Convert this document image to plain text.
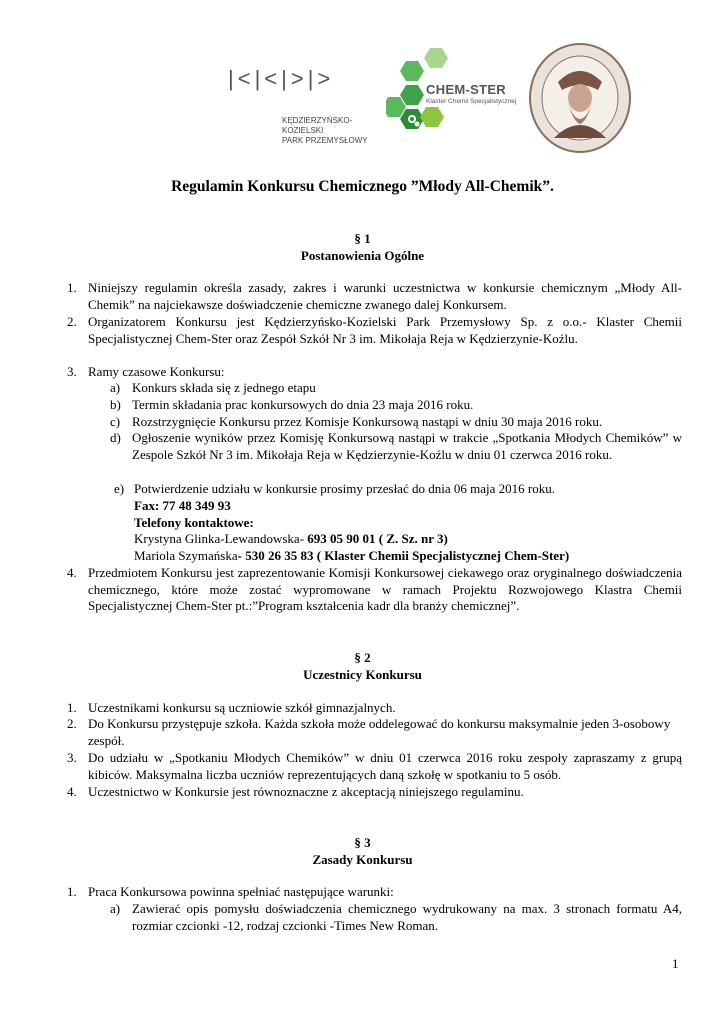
|<|<|>|>
KĘDZIERZYŃSKO-KOZIELSKI
PARK PRZEMYSŁOWY
CHEM-STER
Klaster Chemii Specjalistycznej
Regulamin Konkursu Chemicznego ”Młody All-Chemik”.
§ 1
Postanowienia Ogólne
1. Niniejszy regulamin określa zasady, zakres i warunki uczestnictwa w konkursie chemicznym „Młody All-Chemik” na najciekawsze doświadczenie chemiczne zwanego dalej Konkursem.
2. Organizatorem Konkursu jest Kędzierzyńsko-Kozielski Park Przemysłowy Sp. z o.o.- Klaster Chemii Specjalistycznej Chem-Ster oraz Zespół Szkół Nr 3 im. Mikołaja Reja w Kędzierzynie-Koźlu.
3. Ramy czasowe Konkursu:
a) Konkurs składa się z jednego etapu
b) Termin składania prac konkursowych do dnia 23 maja 2016 roku.
c) Rozstrzygnięcie Konkursu przez Komisje Konkursową nastąpi w dniu 30 maja 2016 roku.
d) Ogłoszenie wyników przez Komisję Konkursową nastąpi w trakcie „Spotkania Młodych Chemików” w Zespole Szkół Nr 3 im. Mikołaja Reja w Kędzierzynie-Koźlu w dniu 01 czerwca 2016 roku.
e) Potwierdzenie udziału w konkursie prosimy przesłać do dnia 06 maja 2016 roku.
Fax: 77 48 349 93
Telefony kontaktowe:
Krystyna Glinka-Lewandowska- 693 05 90 01 ( Z. Sz. nr 3)
Mariola Szymańska- 530 26 35 83 ( Klaster Chemii Specjalistycznej Chem-Ster)
4. Przedmiotem Konkursu jest zaprezentowanie Komisji Konkursowej ciekawego oraz oryginalnego doświadczenia chemicznego, które może zostać wypromowane w ramach Projektu Rozwojowego Klastra Chemii Specjalistycznej Chem-Ster pt.:”Program kształcenia kadr dla branży chemicznej”.
§ 2
Uczestnicy Konkursu
1. Uczestnikami konkursu są uczniowie szkół gimnazjalnych.
2. Do Konkursu przystępuje szkoła. Każda szkoła może oddelegować do konkursu maksymalnie jeden 3-osobowy zespół.
3. Do udziału w „Spotkaniu Młodych Chemików” w dniu 01 czerwca 2016 roku zespoły zapraszamy z grupą kibiców. Maksymalna liczba uczniów reprezentujących daną szkołę w spotkaniu to 5 osób.
4. Uczestnictwo w Konkursie jest równoznaczne z akceptacją niniejszego regulaminu.
§ 3
Zasady Konkursu
1. Praca Konkursowa powinna spełniać następujące warunki:
a) Zawierać opis pomysłu doświadczenia chemicznego wydrukowany na max. 3 stronach formatu A4, rozmiar czcionki -12, rodzaj czcionki -Times New Roman.
1
